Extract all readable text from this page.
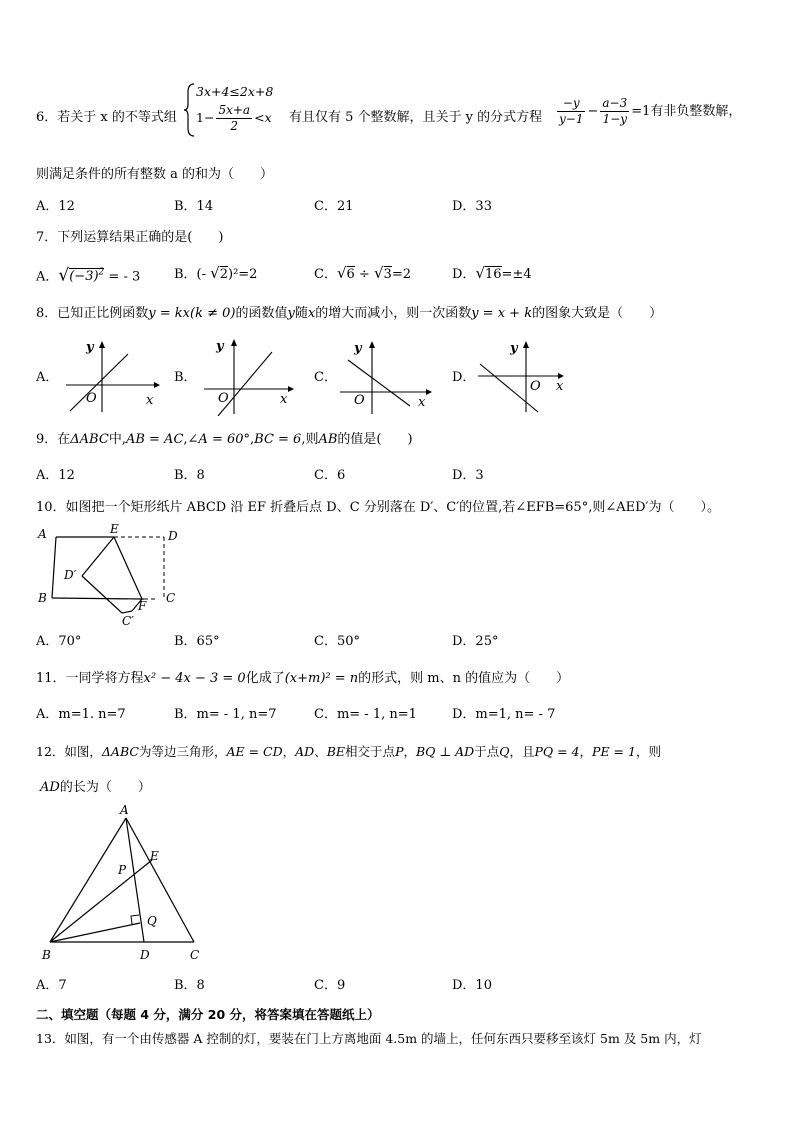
6．若关于 x 的不等式组
3x+4≤2x+8
$1- \frac{5x+a}{2} <x$ 有且仅有 5 个整数解，且关于 y 的分式方程 $\frac{-y}{y-1} - \frac{a-3}{1-y} =1$有非负整数解，
则满足条件的所有整数 a 的和为（　　）
A．12	B．14	C．21	D．33
7．下列运算结果正确的是(　　)
A．$√(-3)^2$ = - 3	B．(- √2)²=2	C．√6 ÷ √3=2	D．√16=±4
8．已知正比例函数y = kx(k ≠ 0)的函数值y随x的增大而减小，则一次函数y = x + k的图象大致是（　　）
A．	B．	C．	D．
y
x
O
y
x
O
y
x
O
y
x
O
9．在ΔABC中,AB = AC,∠A = 60°,BC = 6,则AB的值是(　　)
A．12	B．8	C．6	D．3
10．如图把一个矩形纸片 ABCD 沿 EF 折叠后点 D、C 分别落在 D′、C′的位置,若∠EFB=65°,则∠AED′为（　　）。
A	E	D
D′
B
F
C
C′
A．70°	B．65°	C．50°	D．25°
11．一同学将方程x² − 4x − 3 = 0化成了(x+m)² = n的形式，则 m、n 的值应为（　　）
A．m=1. n=7	B．m= - 1, n=7	C．m= - 1, n=1	D．m=1, n= - 7
12．如图，ΔABC为等边三角形，AE = CD，AD、BE相交于点P，BQ ⊥ AD于点Q，且PQ = 4，PE = 1，则
AD的长为（　　）
A
E
P
Q
B	D	C
A．7	B．8	C．9	D．10
二、填空题（每题 4 分，满分 20 分，将答案填在答题纸上）
13．如图，有一个由传感器 A 控制的灯，要装在门上方离地面 4.5m 的墙上，任何东西只要移至该灯 5m 及 5m 内，灯
